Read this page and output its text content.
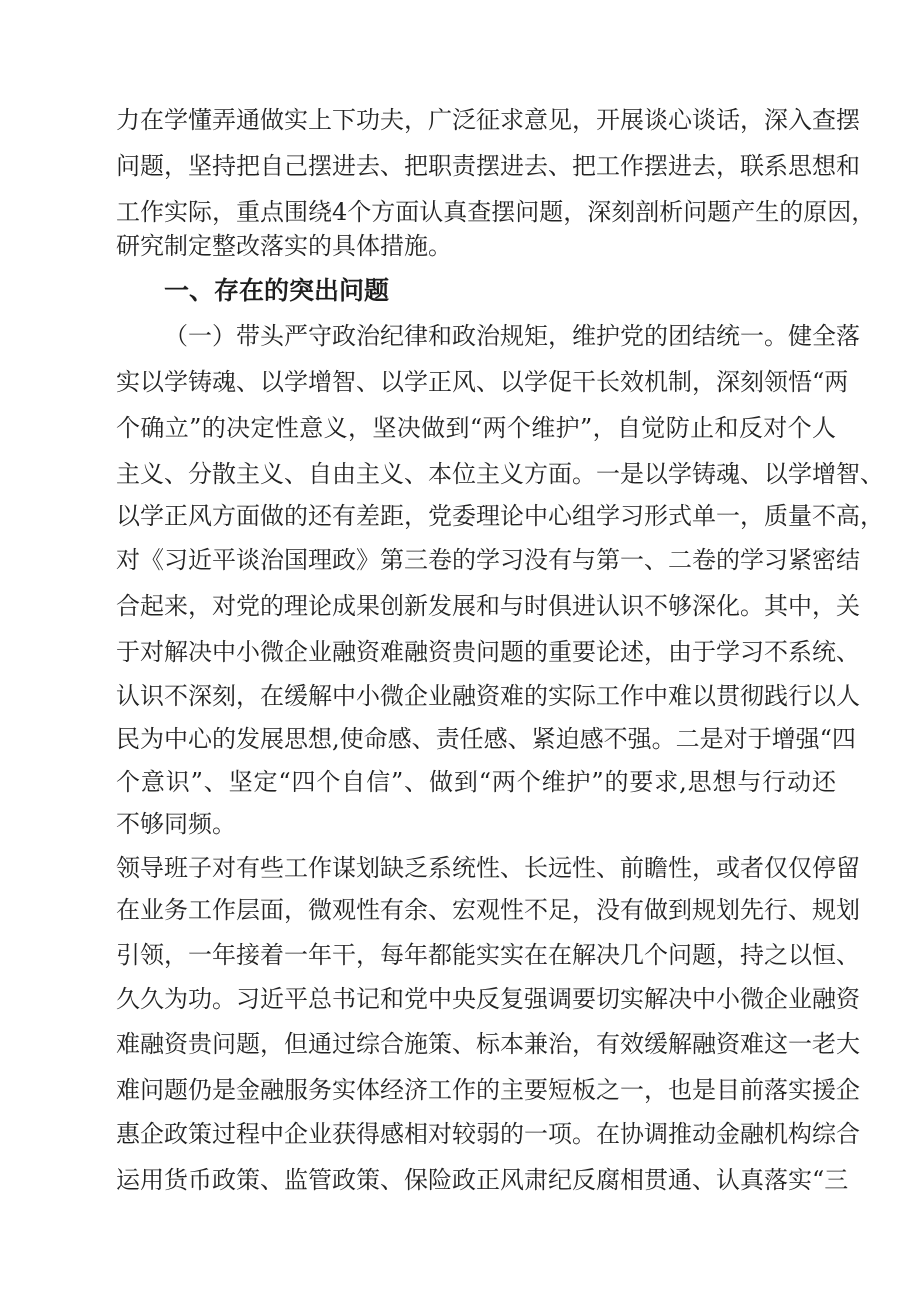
力在学懂弄通做实上下功夫，广泛征求意见，开展谈心谈话，深入查摆
问题，坚持把自己摆进去、把职责摆进去、把工作摆进去，联系思想和
工作实际，重点围绕4个方面认真查摆问题，深刻剖析问题产生的原因，
研究制定整改落实的具体措施。
一、存在的突出问题
（一）带头严守政治纪律和政治规矩，维护党的团结统一。健全落
实以学铸魂、以学增智、以学正风、以学促干长效机制，深刻领悟“两
个确立”的决定性意义，坚决做到“两个维护”，自觉防止和反对个人
主义、分散主义、自由主义、本位主义方面。一是以学铸魂、以学增智、
以学正风方面做的还有差距，党委理论中心组学习形式单一，质量不高，
对《习近平谈治国理政》第三卷的学习没有与第一、二卷的学习紧密结
合起来，对党的理论成果创新发展和与时俱进认识不够深化。其中，关
于对解决中小微企业融资难融资贵问题的重要论述，由于学习不系统、
认识不深刻，在缓解中小微企业融资难的实际工作中难以贯彻践行以人
民为中心的发展思想,使命感、责任感、紧迫感不强。二是对于增强“四
个意识”、坚定“四个自信”、做到“两个维护”的要求,思想与行动还
不够同频。
领导班子对有些工作谋划缺乏系统性、长远性、前瞻性，或者仅仅停留
在业务工作层面，微观性有余、宏观性不足，没有做到规划先行、规划
引领，一年接着一年干，每年都能实实在在解决几个问题，持之以恒、
久久为功。习近平总书记和党中央反复强调要切实解决中小微企业融资
难融资贵问题，但通过综合施策、标本兼治，有效缓解融资难这一老大
难问题仍是金融服务实体经济工作的主要短板之一，也是目前落实援企
惠企政策过程中企业获得感相对较弱的一项。在协调推动金融机构综合
运用货币政策、监管政策、保险政正风肃纪反腐相贯通、认真落实“三
